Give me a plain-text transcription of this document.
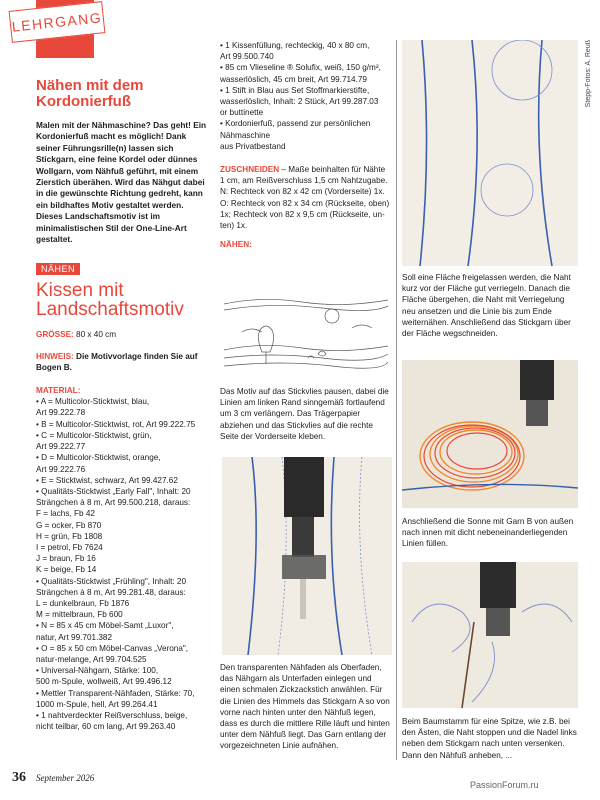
LEHRGANG
Nähen mit dem
Kordonierfuß

Malen mit der Nähmaschine? Das geht! Ein Kordonierfuß macht es möglich! Dank seiner Führungsrille(n) lassen sich Stickgarn, eine feine Kordel oder dünnes Wollgarn, vom Nähfuß geführt, mit einem Zierstich überähen. Wird das Nähgut dabei in die gewünschte Richtung gedreht, kann ein bildhaftes Motiv gestaltet werden. Dieses Landschaftsmotiv ist im minimalistischen Stil der One-Line-Art gestaltet.

NÄHEN
Kissen mit
Landschaftsmotiv
GRÖSSE: 80 x 40 cm
HINWEIS: Die Motivvorlage finden Sie auf Bogen B.
MATERIAL:
• A = Multicolor-Sticktwist, blau,
Art 99.222.78
• B = Multicolor-Sticktwist, rot, Art 99.222.75
• C = Multicolor-Sticktwist, grün,
Art 99.222.77
• D = Multicolor-Sticktwist, orange,
Art 99.222.76
• E = Sticktwist, schwarz, Art 99.427.62
• Qualitäts-Sticktwist „Early Fall", Inhalt: 20
Strängchen à 8 m, Art 99.500.218, daraus:
F = lachs, Fb 42
G = ocker, Fb 870
H = grün, Fb 1808
I = petrol, Fb 7624
J = braun, Fb 16
K = beige, Fb 14
• Qualitäts-Sticktwist „Frühling", Inhalt: 20
Strängchen à 8 m, Art 99.281.48, daraus:
L = dunkelbraun, Fb 1876
M = mittelbraun, Fb 600
• N = 85 x 45 cm Möbel-Samt „Luxor",
natur, Art 99.701.382
• O = 85 x 50 cm Möbel-Canvas „Verona",
natur-melange, Art 99.704.525
• Universal-Nähgarn, Stärke: 100,
500 m-Spule, wollweiß, Art 99.496.12
• Mettler Transparent-Nähfaden, Stärke: 70,
1000 m-Spule, hell, Art 99.264.41
• 1 nahtverdeckter Reißverschluss, beige,
nicht teilbar, 60 cm lang, Art 99.263.40
• 1 Kissenfüllung, rechteckig, 40 x 80 cm,
Art 99.500.740
• 85 cm Vlieseline ® Solufix, weiß, 150 g/m²,
wasserlöslich, 45 cm breit, Art 99.714.79
• 1 Stift in Blau aus Set Stoffmarkierstifte,
wasserlöslich, Inhalt: 2 Stück, Art 99.287.03
or buttinette
• Kordonierfuß, passend zur persönlichen
Nähmaschine
aus Privatbestand
ZUSCHNEIDEN – Maße beinhalten für Nähte
1 cm, am Reißverschluss 1,5 cm Nahtzugabe.
N: Rechteck von 82 x 42 cm (Vorderseite) 1x.
O: Rechteck von 82 x 34 cm (Rückseite, oben)
1x; Rechteck von 82 x 9,5 cm (Rückseite, un-
ten) 1x.
NÄHEN:
Das Motiv auf das Stickvlies pausen, dabei die Linien am linken Rand sinngemäß fortlaufend um 3 cm verlängern. Das Trägerpapier abziehen und das Stickvlies auf die rechte Seite der Vorderseite kleben.
Den transparenten Nähfaden als Oberfaden, das Nähgarn als Unterfaden einlegen und einen schmalen Zickzackstich anwählen. Für die Linien des Himmels das Stickgarn A so von vorne nach hinten unter den Nähfuß legen, dass es durch die mittlere Rille läuft und hinten unter dem Nähfuß liegt. Das Garn entlang der vorgezeichneten Linie aufnähen.
Stepp-Fotos: A. Reuß
Soll eine Fläche freigelassen werden, die Naht kurz vor der Fläche gut verriegeln. Danach die Fläche übergehen, die Naht mit Verriegelung neu ansetzen und die Linie bis zum Ende weiternähen. Anschließend das Stickgarn über der Fläche wegschneiden.
Anschließend die Sonne mit Garn B von außen nach innen mit dicht nebeneinanderliegenden Linien füllen.
Beim Baumstamm für eine Spitze, wie z.B. bei den Ästen, die Naht stoppen und die Nadel links neben dem Stickgarn nach unten versenken. Dann den Nähfuß anheben, ...
36 September 2026
PassionForum.ru
